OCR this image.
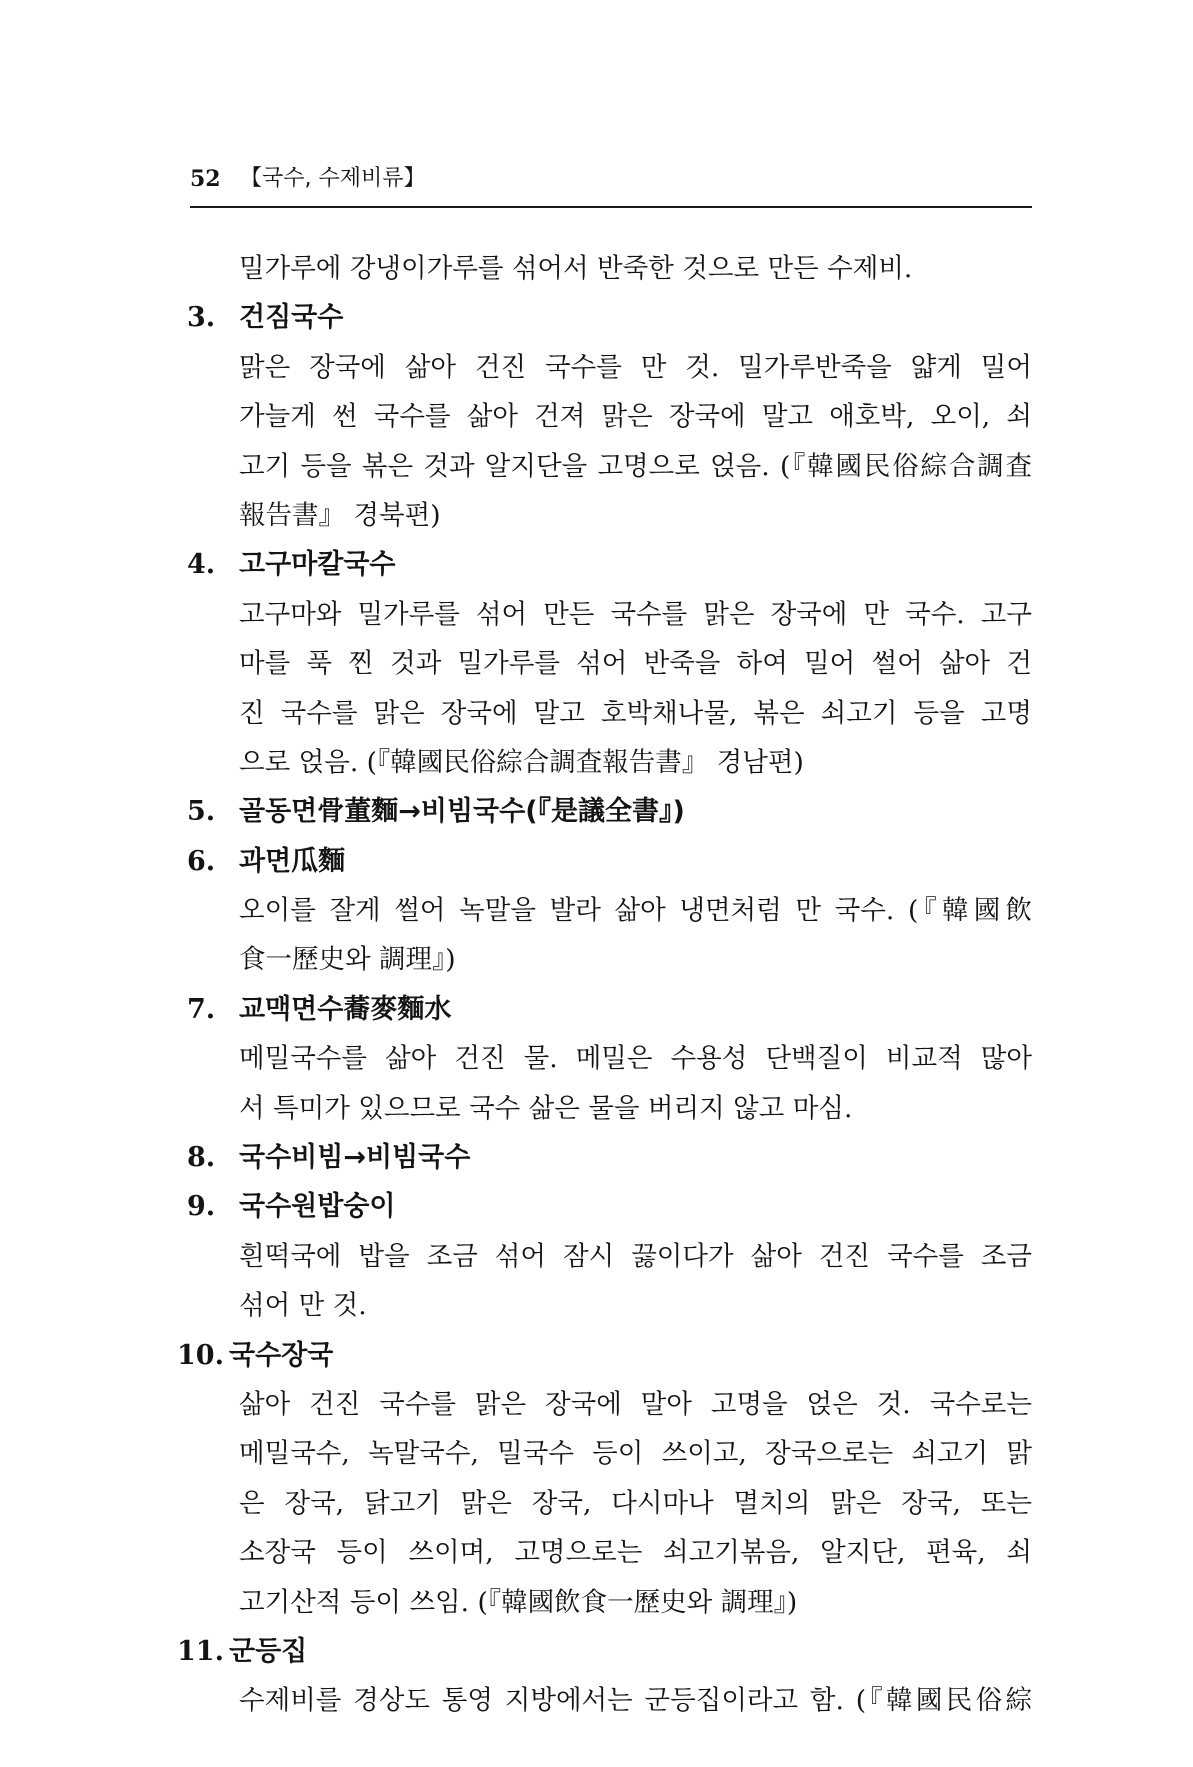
52 【국수, 수제비류】
밀가루에 강냉이가루를 섞어서 반죽한 것으로 만든 수제비.
3. 건짐국수
맑은 장국에 삶아 건진 국수를 만 것. 밀가루반죽을 얇게 밀어
가늘게 썬 국수를 삶아 건져 맑은 장국에 말고 애호박, 오이, 쇠
고기 등을 볶은 것과 알지단을 고명으로 얹음. (『韓國民俗綜合調査
報告書』 경북편)
4. 고구마칼국수
고구마와 밀가루를 섞어 만든 국수를 맑은 장국에 만 국수. 고구
마를 푹 찐 것과 밀가루를 섞어 반죽을 하여 밀어 썰어 삶아 건
진 국수를 맑은 장국에 말고 호박채나물, 볶은 쇠고기 등을 고명
으로 얹음. (『韓國民俗綜合調査報告書』 경남편)
5. 골동면骨董麵→비빔국수(『是議全書』)
6. 과면瓜麵
오이를 잘게 썰어 녹말을 발라 삶아 냉면처럼 만 국수. (『韓國飲
食一歷史와 調理』)
7. 교맥면수蕎麥麵水
메밀국수를 삶아 건진 물. 메밀은 수용성 단백질이 비교적 많아
서 특미가 있으므로 국수 삶은 물을 버리지 않고 마심.
8. 국수비빔→비빔국수
9. 국수원밥숭이
흰떡국에 밥을 조금 섞어 잠시 끓이다가 삶아 건진 국수를 조금
섞어 만 것.
10. 국수장국
삶아 건진 국수를 맑은 장국에 말아 고명을 얹은 것. 국수로는
메밀국수, 녹말국수, 밀국수 등이 쓰이고, 장국으로는 쇠고기 맑
은 장국, 닭고기 맑은 장국, 다시마나 멸치의 맑은 장국, 또는
소장국 등이 쓰이며, 고명으로는 쇠고기볶음, 알지단, 편육, 쇠
고기산적 등이 쓰임. (『韓國飲食一歷史와 調理』)
11. 군등집
수제비를 경상도 통영 지방에서는 군등집이라고 함. (『韓國民俗綜
